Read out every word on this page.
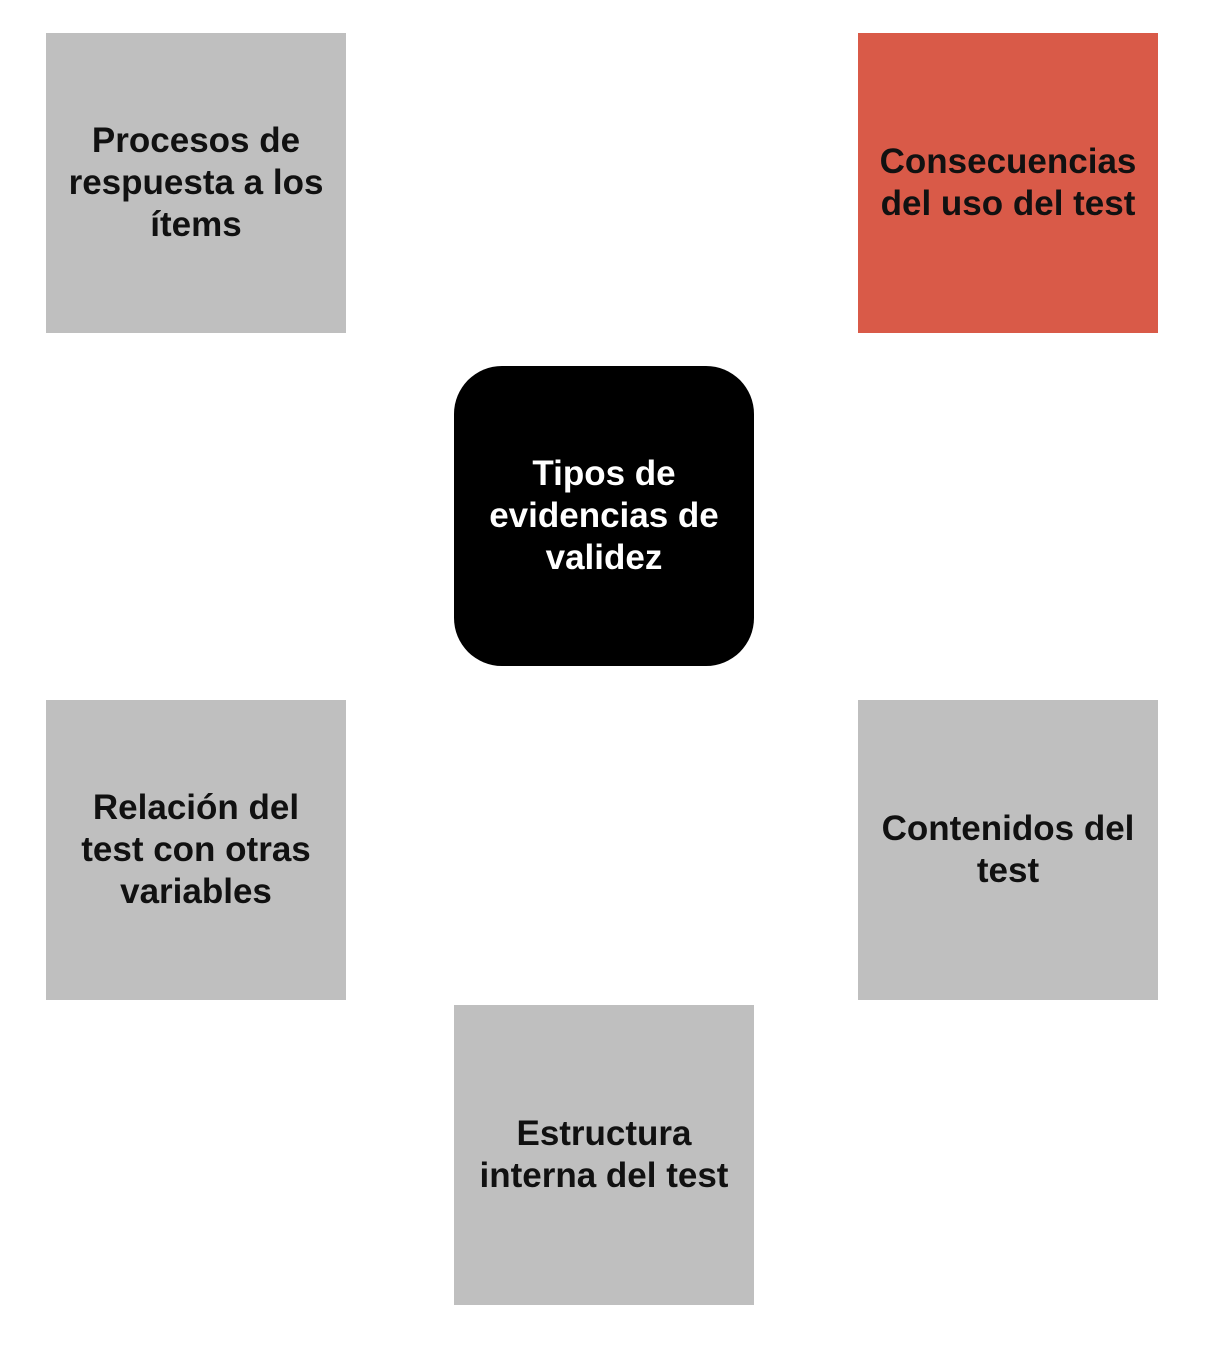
Procesos de respuesta a los ítems
Consecuencias del uso del test
Tipos de evidencias de validez
Relación del test con otras variables
Contenidos del test
Estructura interna del test
